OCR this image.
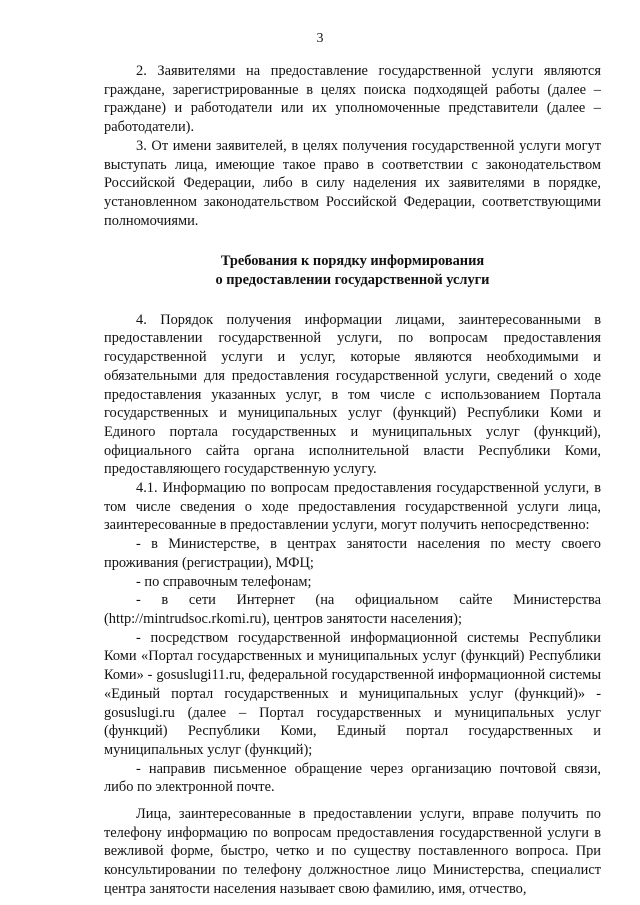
3

2. Заявителями на предоставление государственной услуги являются граждане, зарегистрированные в целях поиска подходящей работы (далее – граждане) и работодатели или их уполномоченные представители (далее – работодатели).

3. От имени заявителей, в целях получения государственной услуги могут выступать лица, имеющие такое право в соответствии с законодательством Российской Федерации, либо в силу наделения их заявителями в порядке, установленном законодательством Российской Федерации, соответствующими полномочиями.

Требования к порядку информирования
о предоставлении государственной услуги

4. Порядок получения информации лицами, заинтересованными в предоставлении государственной услуги, по вопросам предоставления государственной услуги и услуг, которые являются необходимыми и обязательными для предоставления государственной услуги, сведений о ходе предоставления указанных услуг, в том числе с использованием Портала государственных и муниципальных услуг (функций) Республики Коми и Единого портала государственных и муниципальных услуг (функций), официального сайта органа исполнительной власти Республики Коми, предоставляющего государственную услугу.

4.1. Информацию по вопросам предоставления государственной услуги, в том числе сведения о ходе предоставления государственной услуги лица, заинтересованные в предоставлении услуги, могут получить непосредственно:

- в Министерстве, в центрах занятости населения по месту своего проживания (регистрации), МФЦ;

- по справочным телефонам;

- в сети Интернет (на официальном сайте Министерства (http://mintrudsoc.rkomi.ru), центров занятости населения);

- посредством государственной информационной системы Республики Коми «Портал государственных и муниципальных услуг (функций) Республики Коми» - gosuslugi11.ru, федеральной государственной информационной системы «Единый портал государственных и муниципальных услуг (функций)» - gosuslugi.ru (далее – Портал государственных и муниципальных услуг (функций) Республики Коми, Единый портал государственных и муниципальных услуг (функций);

- направив письменное обращение через организацию почтовой связи, либо по электронной почте.

Лица, заинтересованные в предоставлении услуги, вправе получить по телефону информацию по вопросам предоставления государственной услуги в вежливой форме, быстро, четко и по существу поставленного вопроса. При консультировании по телефону должностное лицо Министерства, специалист центра занятости населения называет свою фамилию, имя, отчество,
